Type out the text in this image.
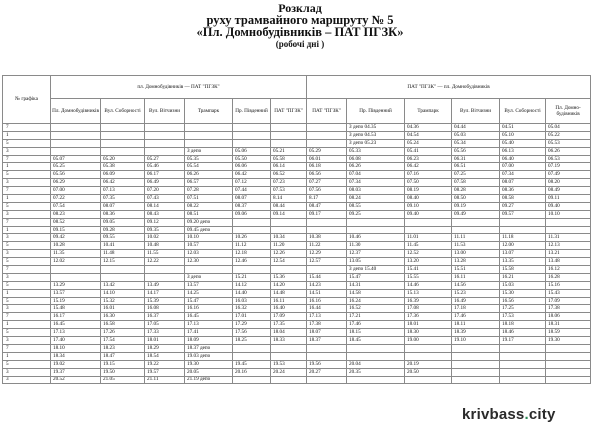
Розклад
руху трамвайного маршруту № 5
«Пл. Домнобудівників – ПАТ ПГЗК»
(робочі дні )
№ графіка	пл. Домнобудівників — ПАТ "ПГЗК"						ПАТ "ПГЗК" — пл. Домнобудівників						
	Пл. Домнобудівників	Вул. Соборності	Вул. Вітчизни	Трампарк	Пр. Південний	ПАТ "ПГЗК"	ПАТ "ПГЗК"	Пр. Південний	Трампарк	Вул. Вітчизни	Вул. Соборності	Пл. Домно-будівників	
7								З депо 04.35	04.36	04.44	04.51	05.04	
1								З депо 04.53	04.54	05.03	05.10	05.22	
5								З депо 05.23	05.24	05.34	05.40	05.53	
3				З депо	05.06	05.21	05.29	05.33	05.41	05.56	06.13	06.26	
7	05.07	05.20	05.27	05.35	05.50	05.58	06.01	06.08	06.23	06.31	06.40	06.53	
1	05.25	05.38	05.46	05.54	06.06	06.14	06.18	06.26	06.42	06.51	07.00	07.19	
5	05.56	06.09	06.17	06.26	06.42	06.52	06.56	07.04	07.16	07.25	07.34	07.49	
3	06.29	06.42	06.49	06.57	07.12	07.23	07.27	07.34	07.50	07.58	08.07	08.20	
7	07.00	07.13	07.20	07.28	07.44	07.53	07.56	08.03	08.19	08.28	08.36	08.49	
1	07.22	07.35	07.43	07.51	08.07	8.14	8.17	08.24	08.40	08.50	08.58	09.11	
5	07.54	08.07	08.14	08.22	08.37	08.44	08.47	08.55	09.10	09.19	09.27	09.40	
3	08.23	08.36	08.43	08.51	09.06	09.14	09.17	09.25	09.40	09.49	09.57	10.10	
7	08.52	09.05	09.12	09.20 депо									
1	09.15	09.28	09.35	09.45 депо									
3	09.42	09.55	10.02	10.10	10.26	10.34	10.38	10.46	11.01	11.11	11.18	11.31	
5	10.28	10.41	10.48	10.57	11.12	11.20	11.22	11.30	11.45	11.53	12.00	12.13	
3	11.35	11.48	11.55	12.03	12.18	12.26	12.29	12.37	12.52	13.00	13.07	13.21	
5	12.02	12.15	12.22	12.30	12.46	12.54	12.57	13.05	13.20	13.28	13.35	13.48	
7								З депо 15.40	15.41	15.51	15.58	16.12	
3				З депо	15.21	15.36	15.44	15.47	15.55	16.11	16.21	16.28	
5	13.29	13.42	13.49	13.57	14.12	14.20	14.23	14.31	14.46	14.56	15.03	15.16	
1	13.57	14.10	14.17	14.25	14.40	14.48	14.51	14.58	15.13	15.23	15.30	15.43	
5	15.19	15.32	15.39	15.47	16.03	16.11	16.16	16.24	16.39	16.49	16.56	17.09	
3	15.48	16.01	16.08	16.16	16.32	16.40	16.44	16.52	17.08	17.18	17.25	17.38	
7	16.17	16.30	16.37	16.45	17.01	17.09	17.13	17.21	17.36	17.46	17.53	18.06	
1	16.45	16.58	17.05	17.13	17.29	17.35	17.38	17.46	18.01	18.11	18.18	18.31	
5	17.13	17.26	17.33	17.41	17.56	18.04	18.07	18.15	18.30	18.39	18.46	18.59	
3	17.40	17.54	18.01	18.09	18.25	18.33	18.37	18.45	19.00	19.10	19.17	19.30	
7	18.10	18.23	18.29	18.37 депо									
1	18.34	18.47	18.54	19.03 депо									
5	19.02	19.15	19.22	19.30	19.45	19.53	19.56	20.04	20.19				
3	19.37	19.50	19.57	20.05	20.16	20.24	20.27	20.35	20.50				
3	20.52	21.05	21.11	21.19 депо									
krivbass . city
